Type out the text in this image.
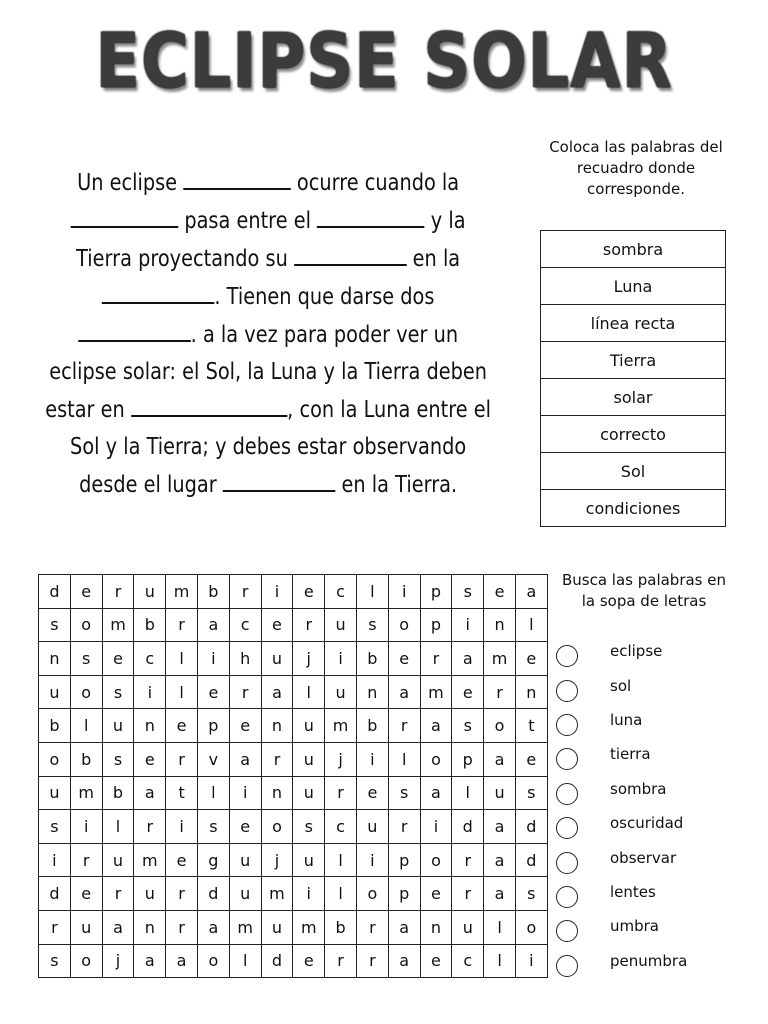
ECLIPSE SOLAR
Un eclipse	ocurre cuando la  pasa entre el	y la Tierra proyectando su	en la . Tienen que darse dos . a la vez para poder ver un eclipse solar: el Sol, la Luna y la Tierra deben estar en	, con la Luna entre el Sol y la Tierra; y debes estar observando desde el lugar	en la Tierra.
Coloca las palabras del recuadro donde corresponde.
sombra
Luna
línea recta
Tierra
solar
correcto
Sol
condiciones
d	e	r	u	m	b	r	i	e	c	l	i	p	s	e	a
s	o	m	b	r	a	c	e	r	u	s	o	p	i	n	l
n	s	e	c	l	i	h	u	j	i	b	e	r	a	m	e
u	o	s	i	l	e	r	a	l	u	n	a	m	e	r	n
b	l	u	n	e	p	e	n	u	m	b	r	a	s	o	t
o	b	s	e	r	v	a	r	u	j	i	l	o	p	a	e
u	m	b	a	t	l	i	n	u	r	e	s	a	l	u	s
s	i	l	r	i	s	e	o	s	c	u	r	i	d	a	d
i	r	u	m	e	g	u	j	u	l	i	p	o	r	a	d
d	e	r	u	r	d	u	m	i	l	o	p	e	r	a	s
r	u	a	n	r	a	m	u	m	b	r	a	n	u	l	o
s	o	j	a	a	o	l	d	e	r	r	a	e	c	l	i
Busca las palabras en la sopa de letras
eclipse
sol
luna
tierra
sombra
oscuridad
observar
lentes
umbra
penumbra
